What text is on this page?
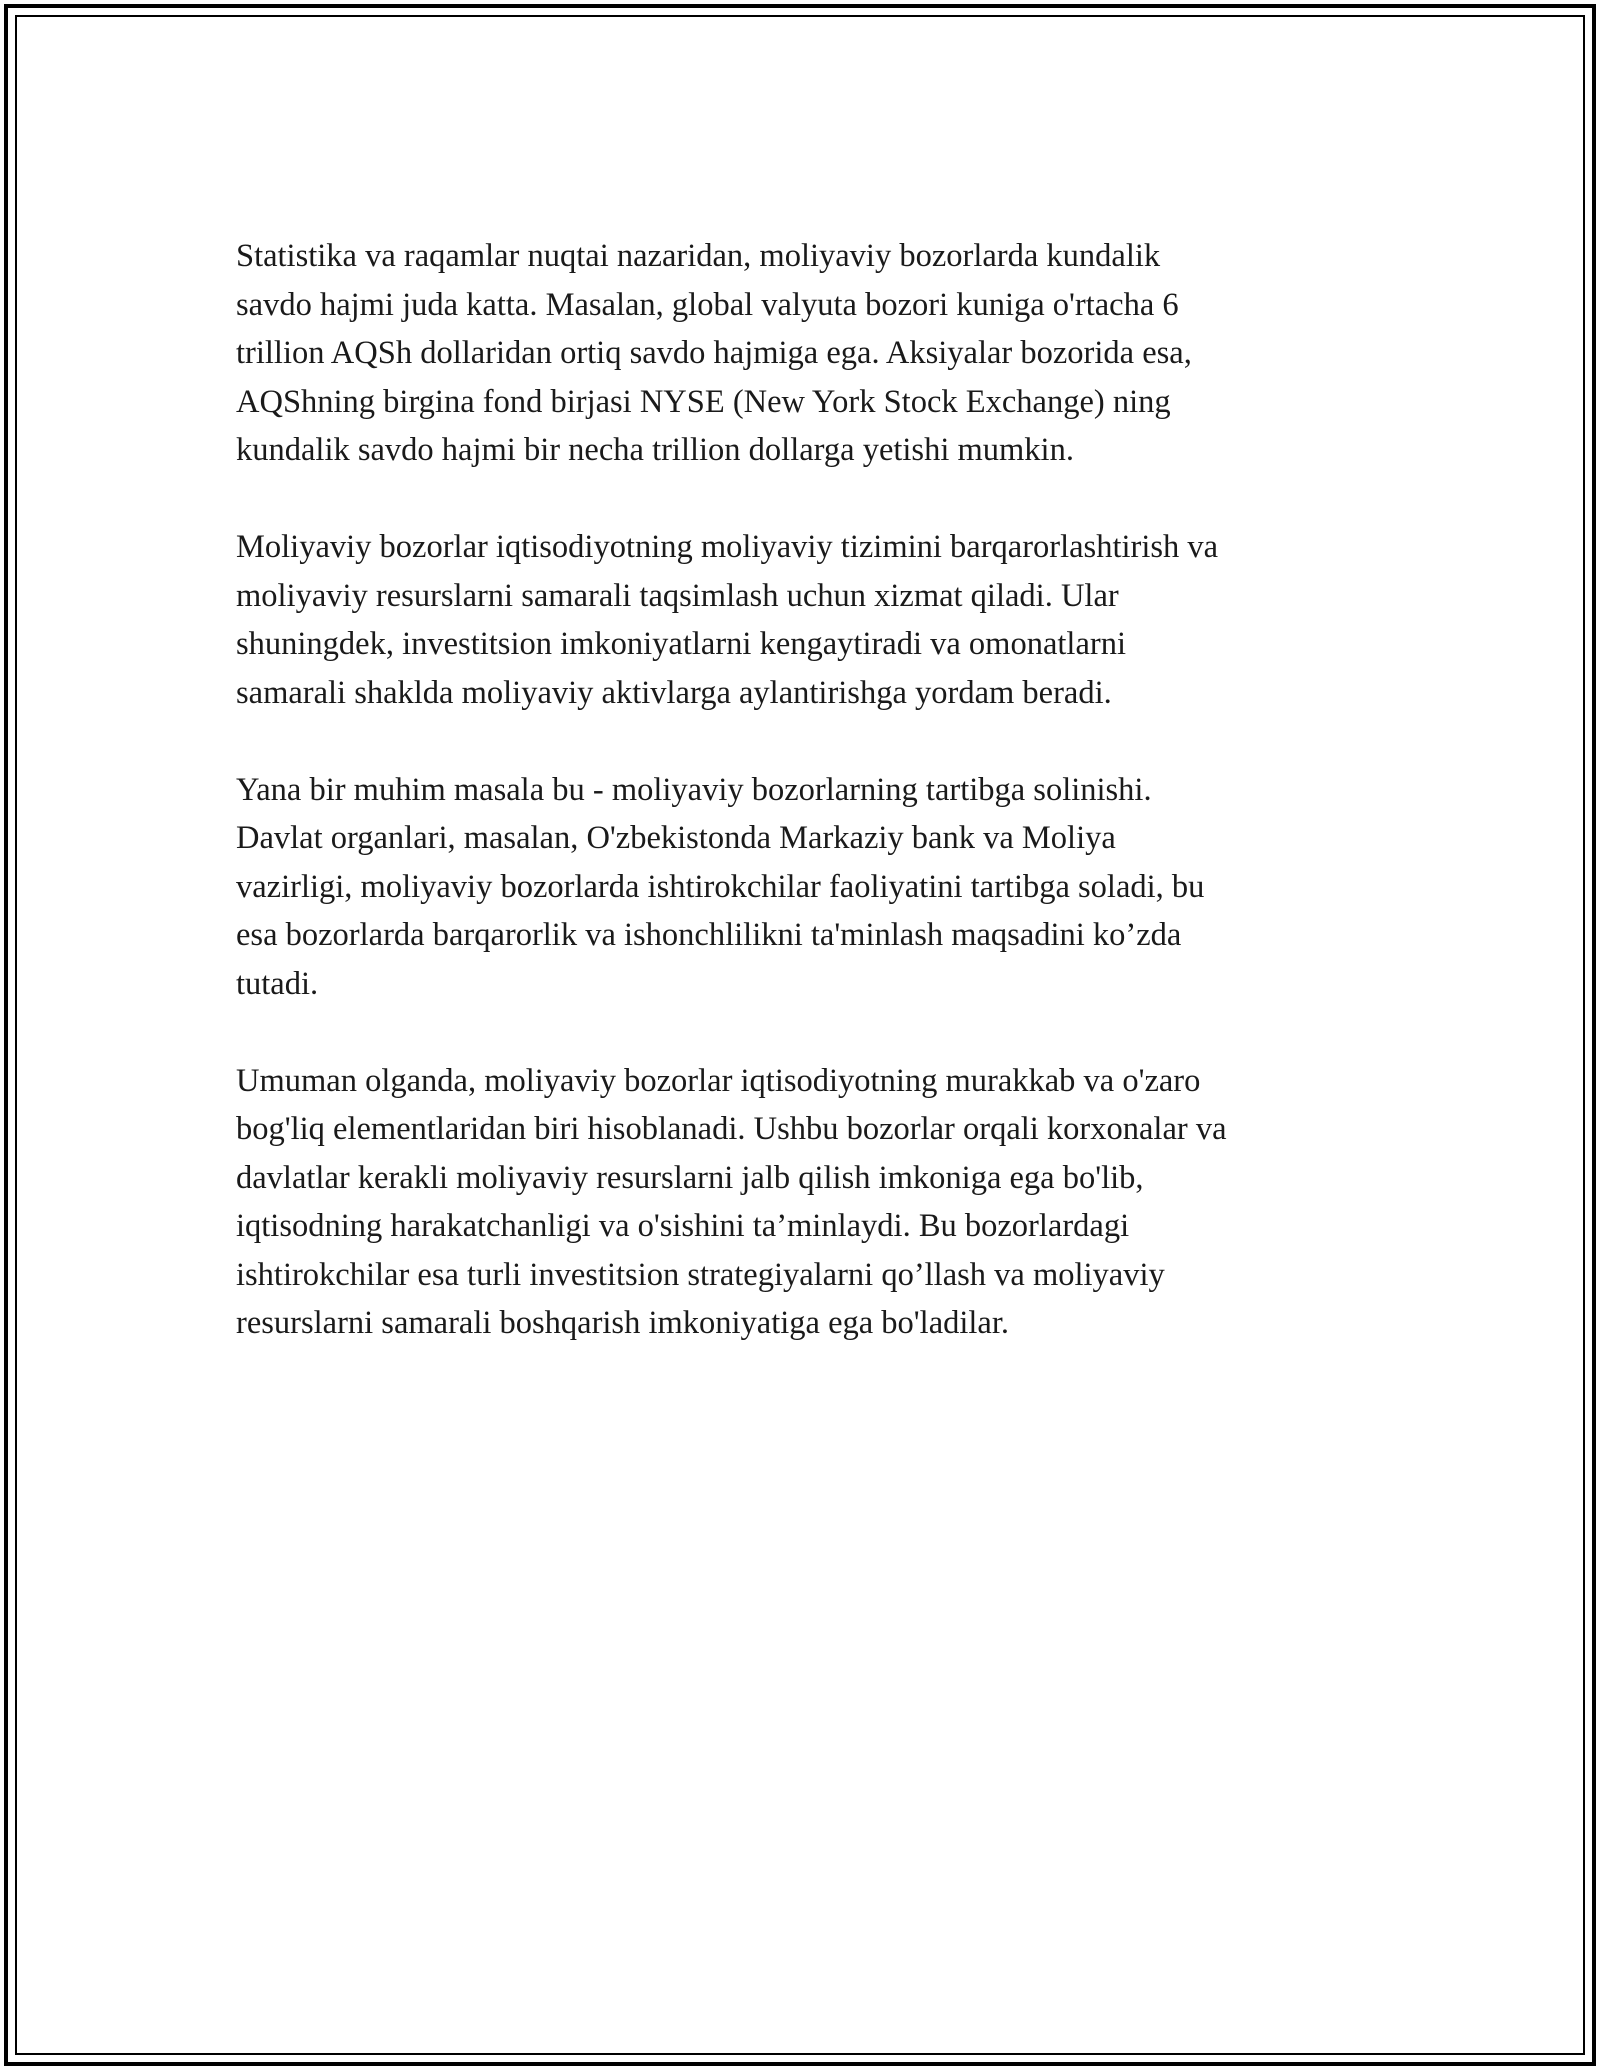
Statistika va raqamlar nuqtai nazaridan, moliyaviy bozorlarda kundalik
savdo hajmi juda katta. Masalan, global valyuta bozori kuniga o'rtacha 6
trillion AQSh dollaridan ortiq savdo hajmiga ega. Aksiyalar bozorida esa,
AQShning birgina fond birjasi NYSE (New York Stock Exchange) ning
kundalik savdo hajmi bir necha trillion dollarga yetishi mumkin.

Moliyaviy bozorlar iqtisodiyotning moliyaviy tizimini barqarorlashtirish va
moliyaviy resurslarni samarali taqsimlash uchun xizmat qiladi. Ular
shuningdek, investitsion imkoniyatlarni kengaytiradi va omonatlarni
samarali shaklda moliyaviy aktivlarga aylantirishga yordam beradi.

Yana bir muhim masala bu - moliyaviy bozorlarning tartibga solinishi.
Davlat organlari, masalan, O'zbekistonda Markaziy bank va Moliya
vazirligi, moliyaviy bozorlarda ishtirokchilar faoliyatini tartibga soladi, bu
esa bozorlarda barqarorlik va ishonchlilikni ta'minlash maqsadini ko’zda
tutadi.

Umuman olganda, moliyaviy bozorlar iqtisodiyotning murakkab va o'zaro
bog'liq elementlaridan biri hisoblanadi. Ushbu bozorlar orqali korxonalar va
davlatlar kerakli moliyaviy resurslarni jalb qilish imkoniga ega bo'lib,
iqtisodning harakatchanligi va o'sishini ta’minlaydi. Bu bozorlardagi
ishtirokchilar esa turli investitsion strategiyalarni qo’llash va moliyaviy
resurslarni samarali boshqarish imkoniyatiga ega bo'ladilar.
